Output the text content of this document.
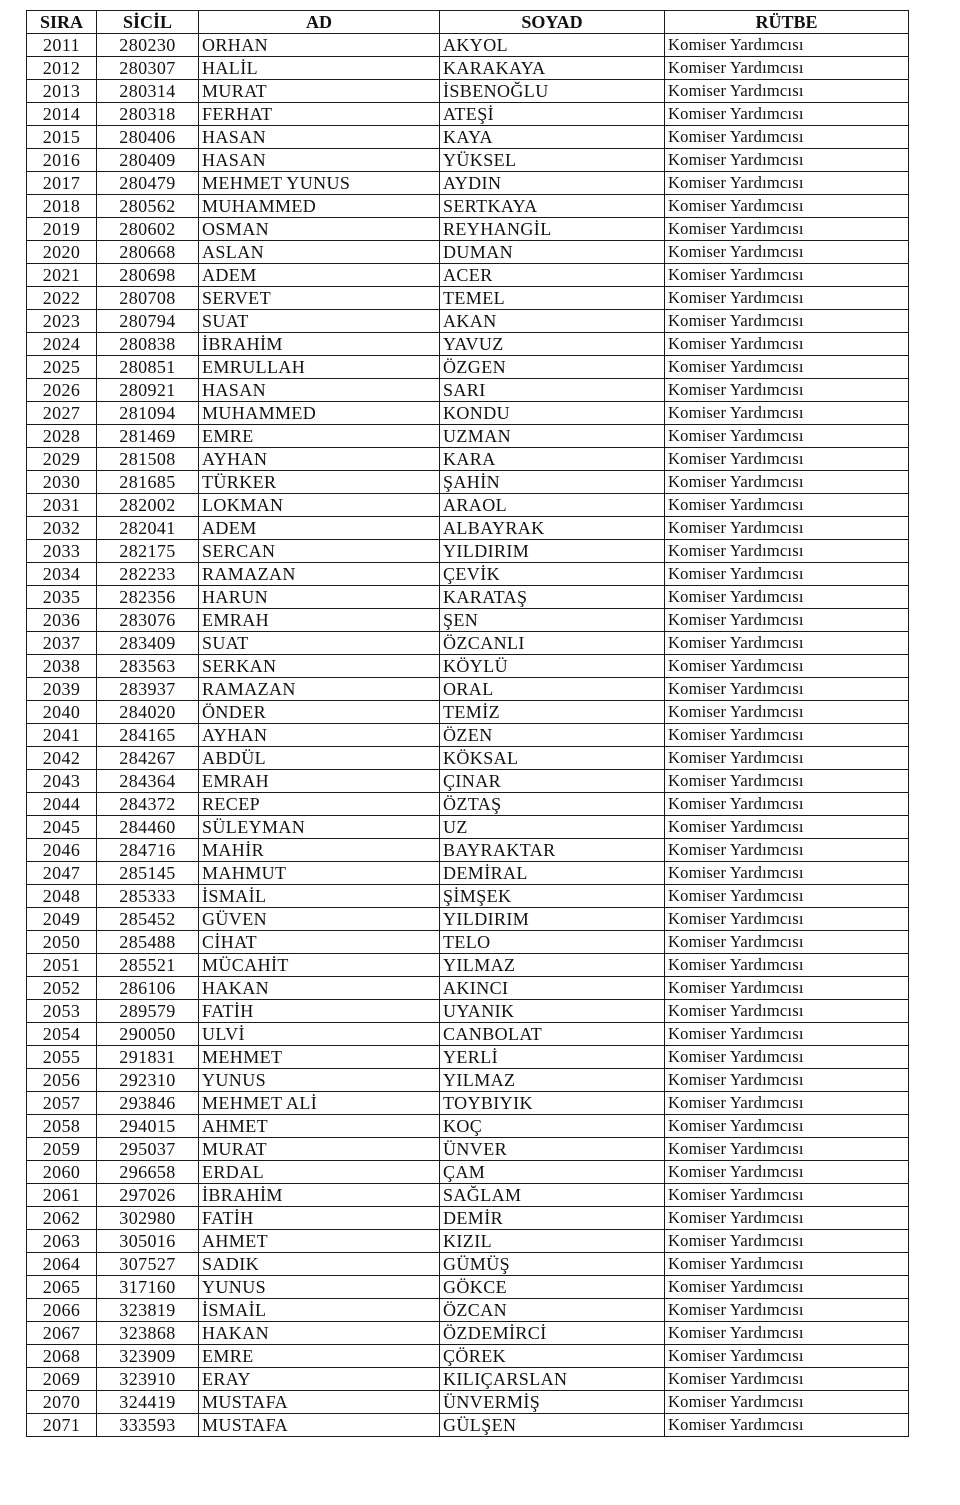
SIRA	SİCİL	AD	SOYAD	RÜTBE
2011	280230	ORHAN	AKYOL	Komiser Yardımcısı
2012	280307	HALİL	KARAKAYA	Komiser Yardımcısı
2013	280314	MURAT	İSBENOĞLU	Komiser Yardımcısı
2014	280318	FERHAT	ATEŞİ	Komiser Yardımcısı
2015	280406	HASAN	KAYA	Komiser Yardımcısı
2016	280409	HASAN	YÜKSEL	Komiser Yardımcısı
2017	280479	MEHMET YUNUS	AYDIN	Komiser Yardımcısı
2018	280562	MUHAMMED	SERTKAYA	Komiser Yardımcısı
2019	280602	OSMAN	REYHANGİL	Komiser Yardımcısı
2020	280668	ASLAN	DUMAN	Komiser Yardımcısı
2021	280698	ADEM	ACER	Komiser Yardımcısı
2022	280708	SERVET	TEMEL	Komiser Yardımcısı
2023	280794	SUAT	AKAN	Komiser Yardımcısı
2024	280838	İBRAHİM	YAVUZ	Komiser Yardımcısı
2025	280851	EMRULLAH	ÖZGEN	Komiser Yardımcısı
2026	280921	HASAN	SARI	Komiser Yardımcısı
2027	281094	MUHAMMED	KONDU	Komiser Yardımcısı
2028	281469	EMRE	UZMAN	Komiser Yardımcısı
2029	281508	AYHAN	KARA	Komiser Yardımcısı
2030	281685	TÜRKER	ŞAHİN	Komiser Yardımcısı
2031	282002	LOKMAN	ARAOL	Komiser Yardımcısı
2032	282041	ADEM	ALBAYRAK	Komiser Yardımcısı
2033	282175	SERCAN	YILDIRIM	Komiser Yardımcısı
2034	282233	RAMAZAN	ÇEVİK	Komiser Yardımcısı
2035	282356	HARUN	KARATAŞ	Komiser Yardımcısı
2036	283076	EMRAH	ŞEN	Komiser Yardımcısı
2037	283409	SUAT	ÖZCANLI	Komiser Yardımcısı
2038	283563	SERKAN	KÖYLÜ	Komiser Yardımcısı
2039	283937	RAMAZAN	ORAL	Komiser Yardımcısı
2040	284020	ÖNDER	TEMİZ	Komiser Yardımcısı
2041	284165	AYHAN	ÖZEN	Komiser Yardımcısı
2042	284267	ABDÜL	KÖKSAL	Komiser Yardımcısı
2043	284364	EMRAH	ÇINAR	Komiser Yardımcısı
2044	284372	RECEP	ÖZTAŞ	Komiser Yardımcısı
2045	284460	SÜLEYMAN	UZ	Komiser Yardımcısı
2046	284716	MAHİR	BAYRAKTAR	Komiser Yardımcısı
2047	285145	MAHMUT	DEMİRAL	Komiser Yardımcısı
2048	285333	İSMAİL	ŞİMŞEK	Komiser Yardımcısı
2049	285452	GÜVEN	YILDIRIM	Komiser Yardımcısı
2050	285488	CİHAT	TELO	Komiser Yardımcısı
2051	285521	MÜCAHİT	YILMAZ	Komiser Yardımcısı
2052	286106	HAKAN	AKINCI	Komiser Yardımcısı
2053	289579	FATİH	UYANIK	Komiser Yardımcısı
2054	290050	ULVİ	CANBOLAT	Komiser Yardımcısı
2055	291831	MEHMET	YERLİ	Komiser Yardımcısı
2056	292310	YUNUS	YILMAZ	Komiser Yardımcısı
2057	293846	MEHMET ALİ	TOYBIYIK	Komiser Yardımcısı
2058	294015	AHMET	KOÇ	Komiser Yardımcısı
2059	295037	MURAT	ÜNVER	Komiser Yardımcısı
2060	296658	ERDAL	ÇAM	Komiser Yardımcısı
2061	297026	İBRAHİM	SAĞLAM	Komiser Yardımcısı
2062	302980	FATİH	DEMİR	Komiser Yardımcısı
2063	305016	AHMET	KIZIL	Komiser Yardımcısı
2064	307527	SADIK	GÜMÜŞ	Komiser Yardımcısı
2065	317160	YUNUS	GÖKCE	Komiser Yardımcısı
2066	323819	İSMAİL	ÖZCAN	Komiser Yardımcısı
2067	323868	HAKAN	ÖZDEMİRCİ	Komiser Yardımcısı
2068	323909	EMRE	ÇÖREK	Komiser Yardımcısı
2069	323910	ERAY	KILIÇARSLAN	Komiser Yardımcısı
2070	324419	MUSTAFA	ÜNVERMİŞ	Komiser Yardımcısı
2071	333593	MUSTAFA	GÜLŞEN	Komiser Yardımcısı
